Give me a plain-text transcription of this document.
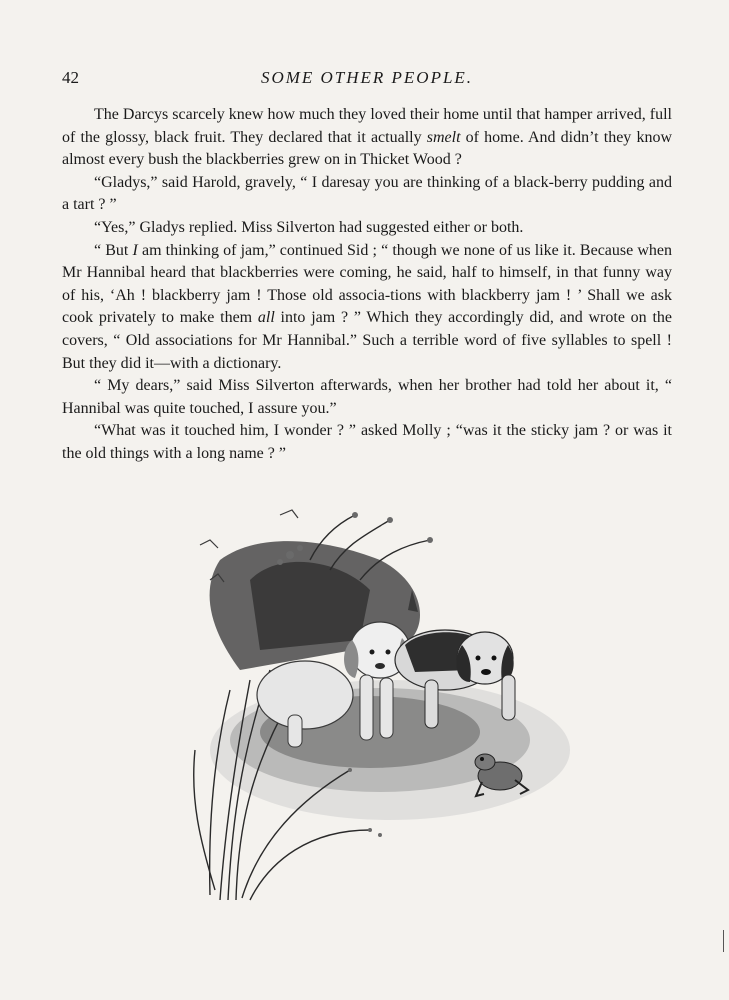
42	SOME OTHER PEOPLE.

The Darcys scarcely knew how much they loved their home until that hamper arrived, full of the glossy, black fruit. They declared that it actually smelt of home. And didn’t they know almost every bush the blackberries grew on in Thicket Wood ?

“Gladys,” said Harold, gravely, “ I daresay you are thinking of a black-berry pudding and a tart ? ”

“Yes,” Gladys replied. Miss Silverton had suggested either or both.

“ But I am thinking of jam,” continued Sid ; “ though we none of us like it. Because when Mr Hannibal heard that blackberries were coming, he said, half to himself, in that funny way of his, ‘Ah ! blackberry jam ! Those old associa-tions with blackberry jam ! ’ Shall we ask cook privately to make them all into jam ? ” Which they accordingly did, and wrote on the covers, “ Old associations for Mr Hannibal.” Such a terrible word of five syllables to spell ! But they did it—with a dictionary.

“ My dears,” said Miss Silverton afterwards, when her brother had told her about it, “ Hannibal was quite touched, I assure you.”

“What was it touched him, I wonder ? ” asked Molly ; “was it the sticky jam ? or was it the old things with a long name ? ”
